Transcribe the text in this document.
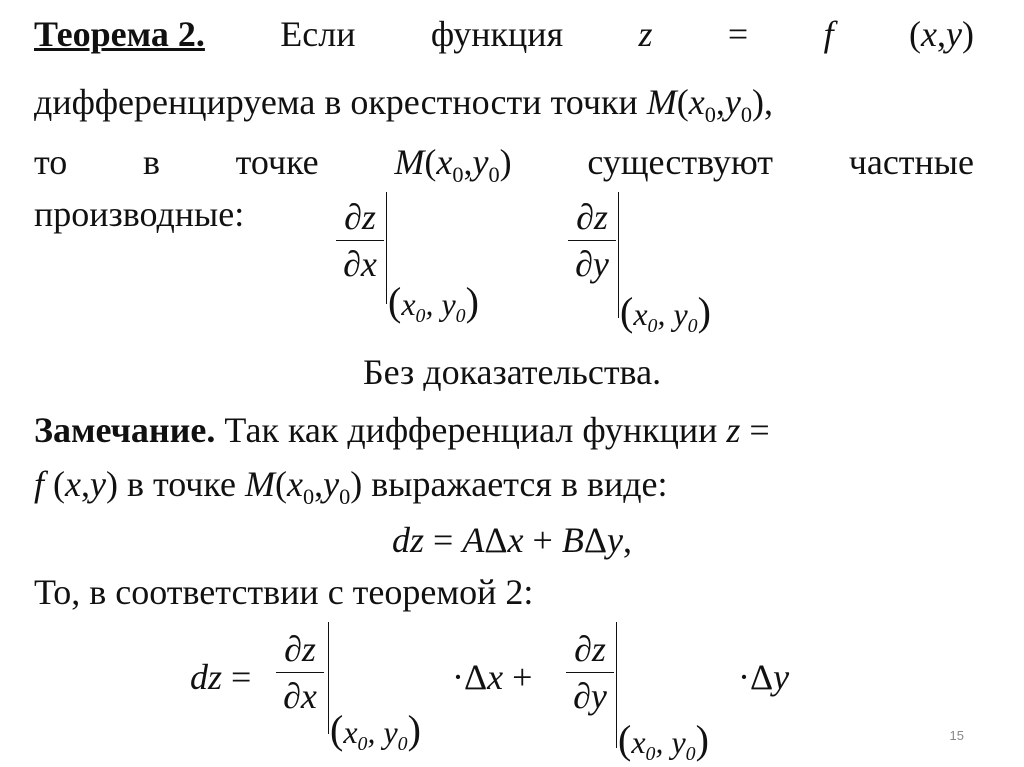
Теорема 2. Если функция z = f (x,y)
дифференцируема в окрестности точки $M(x_0,y_0)$,
то в точке $M(x_0,y_0)$ существуют частные
производные:	∂z
∂x
($x_0$, $y_0$)
∂z
∂y
($x_0$, $y_0$)
Без доказательства.
Замечание. Так как дифференциал функции z =
f (x,y) в точке $M(x_0,y_0)$ выражается в виде:
dz = AΔx + BΔy,
То, в соответствии с теоремой 2:
dz =
∂z
∂x
($x_0$, $y_0$)
·Δx +
∂z
∂y
($x_0$, $y_0$)
·Δy
15
